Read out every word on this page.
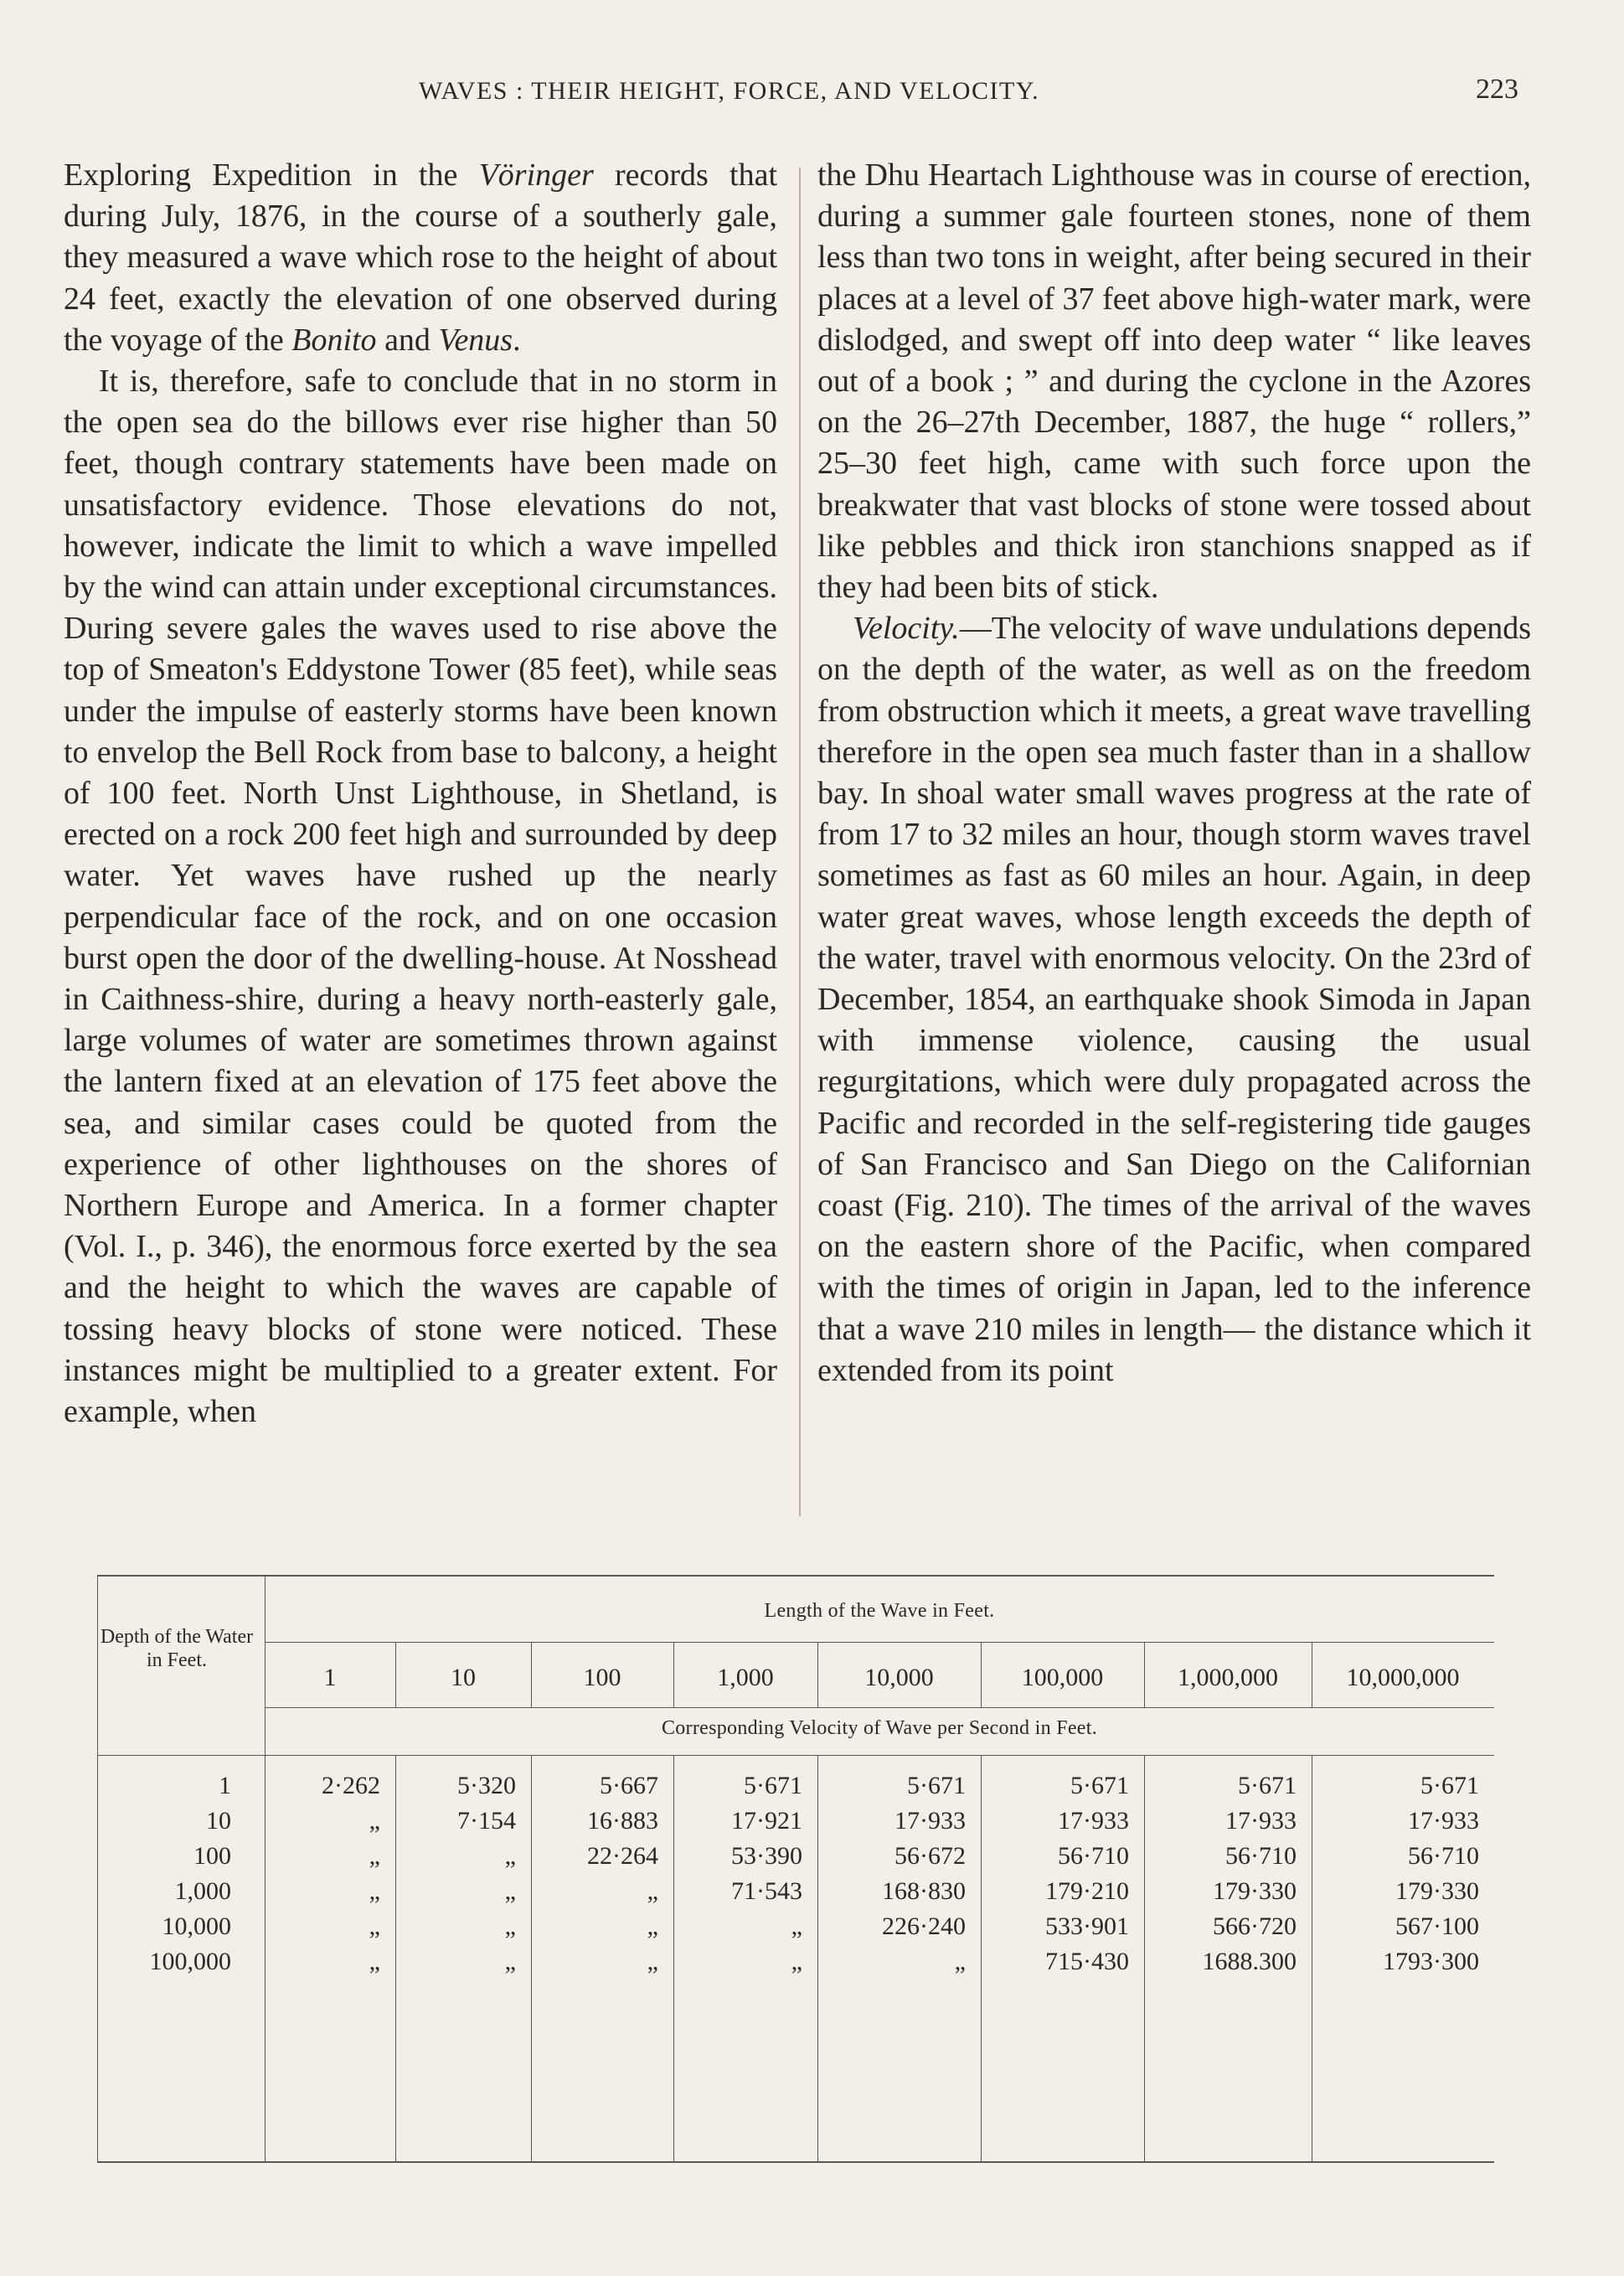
WAVES : THEIR HEIGHT, FORCE, AND VELOCITY.	223

Exploring Expedition in the Vöringer records that during July, 1876, in the course of a southerly gale, they measured a wave which rose to the height of about 24 feet, exactly the elevation of one observed during the voyage of the Bonito and Venus.

It is, therefore, safe to conclude that in no storm in the open sea do the billows ever rise higher than 50 feet, though contrary statements have been made on unsatisfactory evidence. Those elevations do not, however, indicate the limit to which a wave impelled by the wind can attain under exceptional circumstances. During severe gales the waves used to rise above the top of Smeaton's Eddystone Tower (85 feet), while seas under the impulse of easterly storms have been known to envelop the Bell Rock from base to balcony, a height of 100 feet. North Unst Lighthouse, in Shetland, is erected on a rock 200 feet high and surrounded by deep water. Yet waves have rushed up the nearly perpendicular face of the rock, and on one occasion burst open the door of the dwelling-house. At Nosshead in Caithness-shire, during a heavy north-easterly gale, large volumes of water are sometimes thrown against the lantern fixed at an elevation of 175 feet above the sea, and similar cases could be quoted from the experience of other lighthouses on the shores of Northern Europe and America. In a former chapter (Vol. I., p. 346), the enormous force exerted by the sea and the height to which the waves are capable of tossing heavy blocks of stone were noticed. These instances might be multiplied to a greater extent. For example, when

the Dhu Heartach Lighthouse was in course of erection, during a summer gale fourteen stones, none of them less than two tons in weight, after being secured in their places at a level of 37 feet above high-water mark, were dislodged, and swept off into deep water “ like leaves out of a book ; ” and during the cyclone in the Azores on the 26–27th December, 1887, the huge “ rollers,” 25–30 feet high, came with such force upon the breakwater that vast blocks of stone were tossed about like pebbles and thick iron stanchions snapped as if they had been bits of stick.

Velocity.—The velocity of wave undulations depends on the depth of the water, as well as on the freedom from obstruction which it meets, a great wave travelling therefore in the open sea much faster than in a shallow bay. In shoal water small waves progress at the rate of from 17 to 32 miles an hour, though storm waves travel sometimes as fast as 60 miles an hour. Again, in deep water great waves, whose length exceeds the depth of the water, travel with enormous velocity. On the 23rd of December, 1854, an earthquake shook Simoda in Japan with immense violence, causing the usual regurgitations, which were duly propagated across the Pacific and recorded in the self-registering tide gauges of San Francisco and San Diego on the Californian coast (Fig. 210). The times of the arrival of the waves on the eastern shore of the Pacific, when compared with the times of origin in Japan, led to the inference that a wave 210 miles in length— the distance which it extended from its point

Depth of the Water in Feet.
Length of the Wave in Feet.
Corresponding Velocity of Wave per Second in Feet.
1	10	100	1,000	10,000	100,000	1,000,000	10,000,000
1	2·262	5·320	5·667	5·671	5·671	5·671	5·671	5·671
10	„	7·154	16·883	17·921	17·933	17·933	17·933	17·933
100	„	„	22·264	53·390	56·672	56·710	56·710	56·710
1,000	„	„	„	71·543	168·830	179·210	179·330	179·330
10,000	„	„	„	„	226·240	533·901	566·720	567·100
100,000	„	„	„	„	„	715·430	1688.300	1793·300
